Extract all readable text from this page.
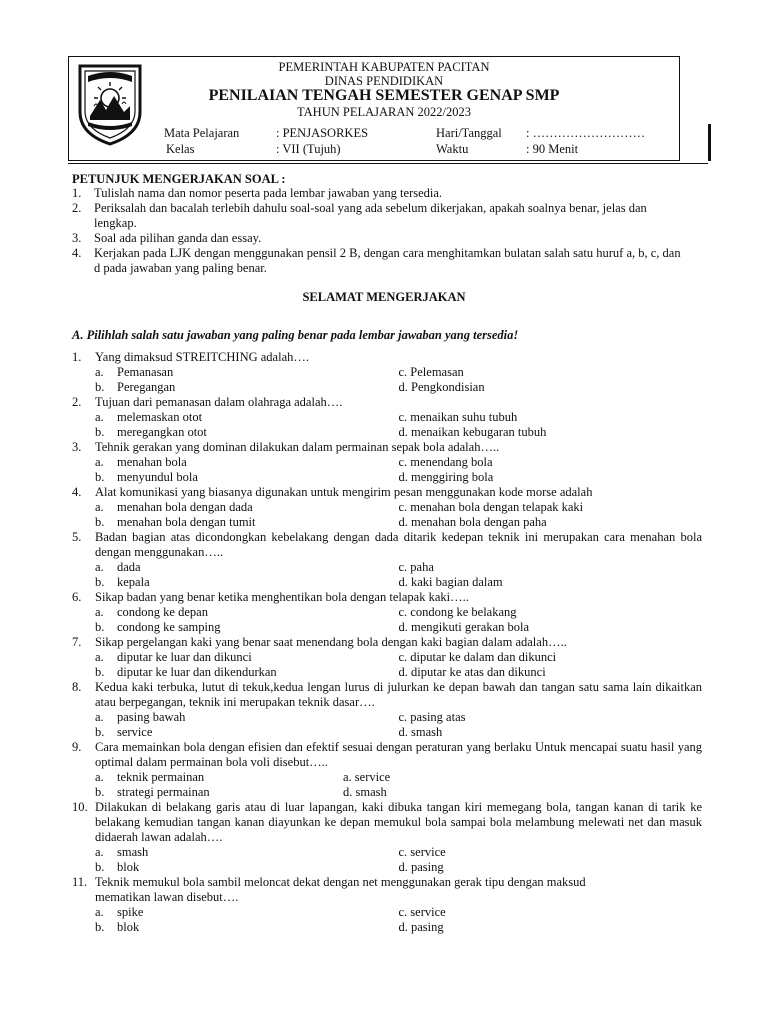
PEMERINTAH KABUPATEN PACITAN
DINAS PENDIDIKAN
PENILAIAN TENGAH SEMESTER GENAP SMP
TAHUN PELAJARAN 2022/2023
Mata Pelajaran	: PENJASORKES	Hari/Tanggal : ………………………
Kelas	: VII (Tujuh)	Waktu	: 90 Menit
PETUNJUK MENGERJAKAN SOAL :
1.	Tulislah nama dan nomor peserta pada lembar jawaban yang tersedia.
2.	Periksalah dan bacalah terlebih dahulu soal-soal yang ada sebelum dikerjakan, apakah soalnya benar, jelas dan lengkap.
3.	Soal ada pilihan ganda dan essay.
4.	Kerjakan pada LJK dengan menggunakan pensil 2 B, dengan cara menghitamkan bulatan salah satu huruf a, b, c, dan d pada jawaban yang paling benar.
SELAMAT MENGERJAKAN
A. Pilihlah salah satu jawaban yang paling benar pada lembar jawaban yang tersedia!
1.	Yang dimaksud STREITCHING adalah….
a.	Pemanasan	c. Pelemasan
b.	Peregangan	d. Pengkondisian
2.	Tujuan dari pemanasan dalam olahraga adalah….
a.	melemaskan otot	c. menaikan suhu tubuh
b.	meregangkan otot	d. menaikan kebugaran tubuh
3.	Tehnik gerakan yang dominan dilakukan dalam permainan sepak bola adalah…..
a.	menahan bola	c. menendang bola
b.	menyundul bola	d. menggiring bola
4.	Alat komunikasi yang biasanya digunakan untuk mengirim pesan menggunakan kode morse adalah
a.	menahan bola dengan dada	c. menahan bola dengan telapak kaki
b.	menahan bola dengan tumit	d. menahan bola dengan paha
5.	Badan bagian atas dicondongkan kebelakang dengan dada ditarik kedepan teknik ini merupakan cara menahan bola dengan menggunakan…..
a.	dada	c. paha
b.	kepala	d. kaki bagian dalam
6.	Sikap badan yang benar ketika menghentikan bola dengan telapak kaki…..
a.	condong ke depan	c. condong ke belakang
b.	condong ke samping	d. mengikuti gerakan bola
7.	Sikap pergelangan kaki yang benar saat menendang bola dengan kaki bagian dalam adalah…..
a.	diputar ke luar dan dikunci	c. diputar ke dalam dan dikunci
b.	diputar ke luar dan dikendurkan	d. diputar ke atas dan dikunci
8.	Kedua kaki terbuka, lutut di tekuk,kedua lengan lurus di julurkan ke depan bawah dan tangan satu sama lain dikaitkan atau berpegangan, teknik ini merupakan teknik dasar….
a.	pasing bawah	c. pasing atas
b.	service	d. smash
9.	Cara memainkan bola dengan efisien dan efektif sesuai dengan peraturan yang berlaku Untuk mencapai suatu hasil yang optimal dalam permainan bola voli disebut…..
a.	teknik permainan	a. service
b.	strategi permainan	d. smash
10. Dilakukan di belakang garis atau di luar lapangan, kaki dibuka tangan kiri memegang bola, tangan kanan di tarik ke belakang kemudian tangan kanan diayunkan ke depan memukul bola sampai bola melambung melewati net dan masuk didaerah lawan adalah….
a.	smash	c. service
b.	blok	d. pasing
11. Teknik memukul bola sambil meloncat dekat dengan net menggunakan gerak tipu dengan maksud mematikan lawan disebut….
a.	spike	c. service
b.	blok	d. pasing
